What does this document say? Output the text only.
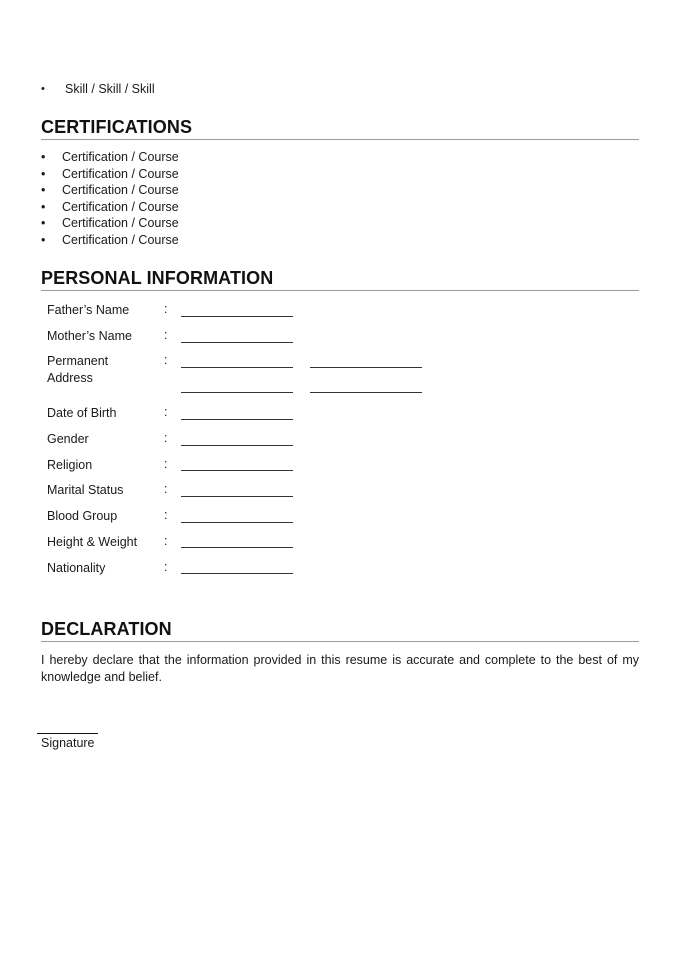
• Skill / Skill / Skill
CERTIFICATIONS
• Certification / Course
• Certification / Course
• Certification / Course
• Certification / Course
• Certification / Course
• Certification / Course
PERSONAL INFORMATION
Father’s Name	:
Mother’s Name	:
Permanent
Address
:
Date of Birth	:
Gender	:
Religion	:
Marital Status	:
Blood Group	:
Height & Weight	:
Nationality	:
DECLARATION
I hereby declare that the information provided in this resume is accurate and complete to the best of my knowledge and belief.
Signature
